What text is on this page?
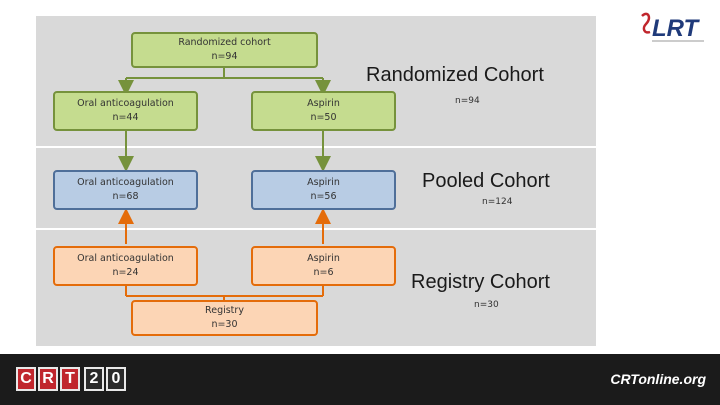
Randomized cohort
n=94
Oral anticoagulation
n=44
Aspirin
n=50
Oral anticoagulation
n=68
Aspirin
n=56
Oral anticoagulation
n=24
Aspirin
n=6
Registry
n=30
Randomized Cohort
n=94
Pooled Cohort
n=124
Registry Cohort
n=30
LRT
C R T 2 0	CRTonline.org
